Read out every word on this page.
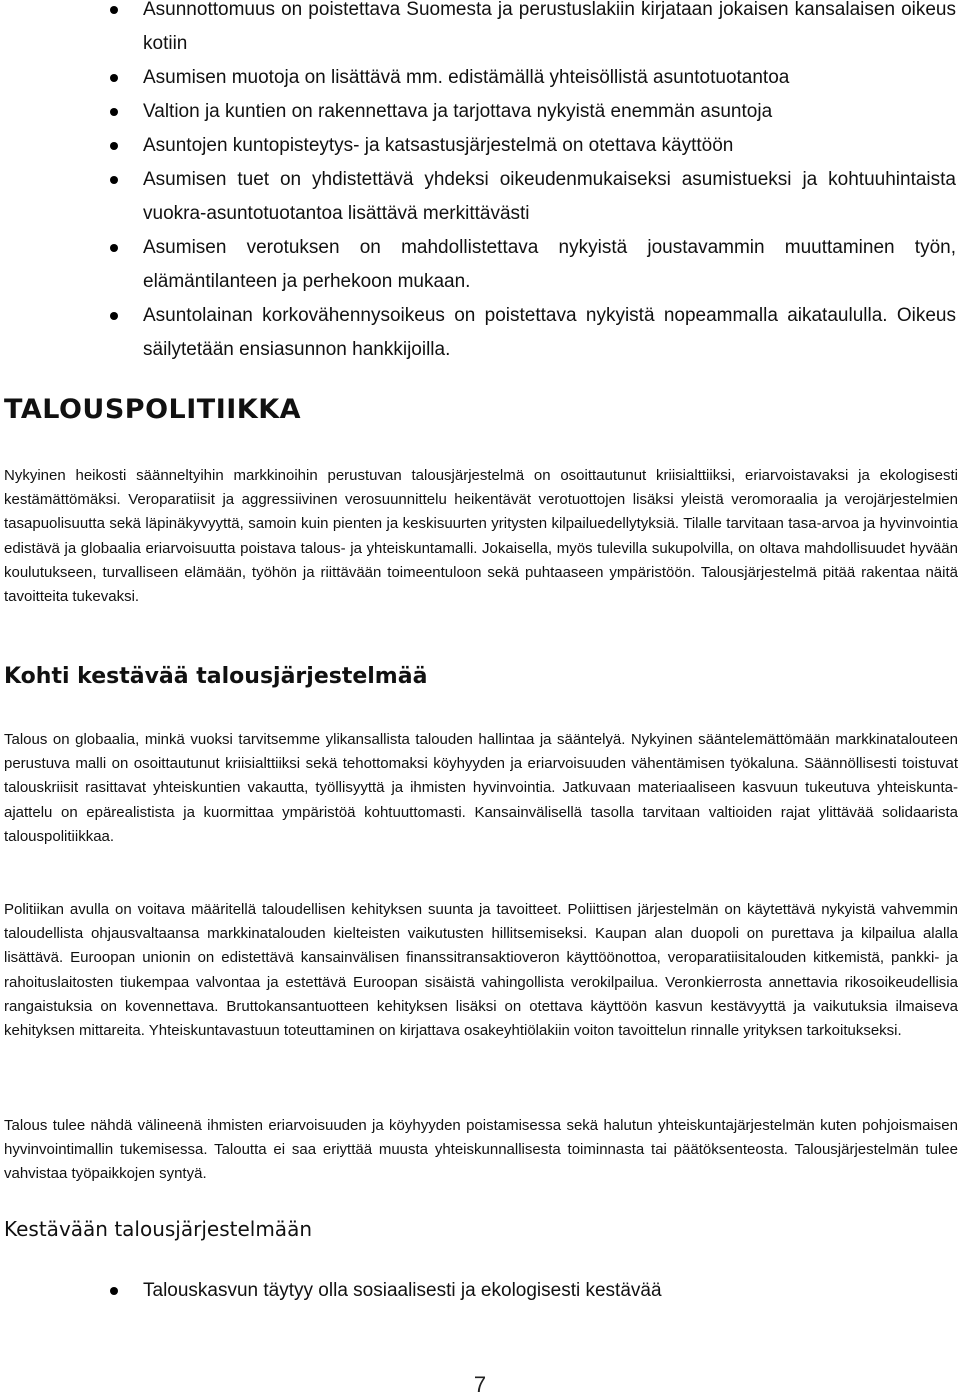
Asunnottomuus on poistettava Suomesta ja perustuslakiin kirjataan jokaisen kansalaisen oikeus kotiin
Asumisen muotoja on lisättävä mm. edistämällä yhteisöllistä asuntotuotantoa
Valtion ja kuntien on rakennettava ja tarjottava nykyistä enemmän asuntoja
Asuntojen kuntopisteytys- ja katsastusjärjestelmä on otettava käyttöön
Asumisen tuet on yhdistettävä yhdeksi oikeudenmukaiseksi asumistueksi ja kohtuuhintaista vuokra-asuntotuotantoa lisättävä merkittävästi
Asumisen verotuksen on mahdollistettava nykyistä joustavammin muuttaminen työn, elämäntilanteen ja perhekoon mukaan.
Asuntolainan korkovähennysoikeus on poistettava nykyistä nopeammalla aikataululla. Oikeus säilytetään ensiasunnon hankkijoilla.
TALOUSPOLITIIKKA

Nykyinen heikosti säänneltyihin markkinoihin perustuvan talousjärjestelmä on osoittautunut kriisialttiiksi, eriarvoistavaksi ja ekologisesti kestämättömäksi. Veroparatiisit ja aggressiivinen verosuunnittelu heikentävät verotuottojen lisäksi yleistä veromoraalia ja verojärjestelmien tasapuolisuutta sekä läpinäkyvyyttä, samoin kuin pienten ja keskisuurten yritysten kilpailuedellytyksiä. Tilalle tarvitaan tasa-arvoa ja hyvinvointia edistävä ja globaalia eriarvoisuutta poistava talous- ja yhteiskuntamalli. Jokaisella, myös tulevilla sukupolvilla, on oltava mahdollisuudet hyvään koulutukseen, turvalliseen elämään, työhön ja riittävään toimeentuloon sekä puhtaaseen ympäristöön. Talousjärjestelmä pitää rakentaa näitä tavoitteita tukevaksi.

Kohti kestävää talousjärjestelmää

Talous on globaalia, minkä vuoksi tarvitsemme ylikansallista talouden hallintaa ja sääntelyä. Nykyinen sääntelemättömään markkinatalouteen perustuva malli on osoittautunut kriisialttiiksi sekä tehottomaksi köyhyyden ja eriarvoisuuden vähentämisen työkaluna. Säännöllisesti toistuvat talouskriisit rasittavat yhteiskuntien vakautta, työllisyyttä ja ihmisten hyvinvointia. Jatkuvaan materiaaliseen kasvuun tukeutuva yhteiskunta-ajattelu on epärealistista ja kuormittaa ympäristöä kohtuuttomasti. Kansainvälisellä tasolla tarvitaan valtioiden rajat ylittävää solidaarista talouspolitiikkaa.

Politiikan avulla on voitava määritellä taloudellisen kehityksen suunta ja tavoitteet. Poliittisen järjestelmän on käytettävä nykyistä vahvemmin taloudellista ohjausvaltaansa markkinatalouden kielteisten vaikutusten hillitsemiseksi. Kaupan alan duopoli on purettava ja kilpailua alalla lisättävä. Euroopan unionin on edistettävä kansainvälisen finanssitransaktioveron käyttöönottoa, veroparatiisitalouden kitkemistä, pankki- ja rahoituslaitosten tiukempaa valvontaa ja estettävä Euroopan sisäistä vahingollista verokilpailua. Veronkierrosta annettavia rikosoikeudellisia rangaistuksia on kovennettava. Bruttokansantuotteen kehityksen lisäksi on otettava käyttöön kasvun kestävyyttä ja vaikutuksia ilmaiseva kehityksen mittareita. Yhteiskuntavastuun toteuttaminen on kirjattava osakeyhtiölakiin voiton tavoittelun rinnalle yrityksen tarkoitukseksi.

Talous tulee nähdä välineenä ihmisten eriarvoisuuden ja köyhyyden poistamisessa sekä halutun yhteiskuntajärjestelmän kuten pohjoismaisen hyvinvointimallin tukemisessa. Taloutta ei saa eriyttää muusta yhteiskunnallisesta toiminnasta tai päätöksenteosta. Talousjärjestelmän tulee vahvistaa työpaikkojen syntyä.

Kestävään talousjärjestelmään
Talouskasvun täytyy olla sosiaalisesti ja ekologisesti kestävää
7
